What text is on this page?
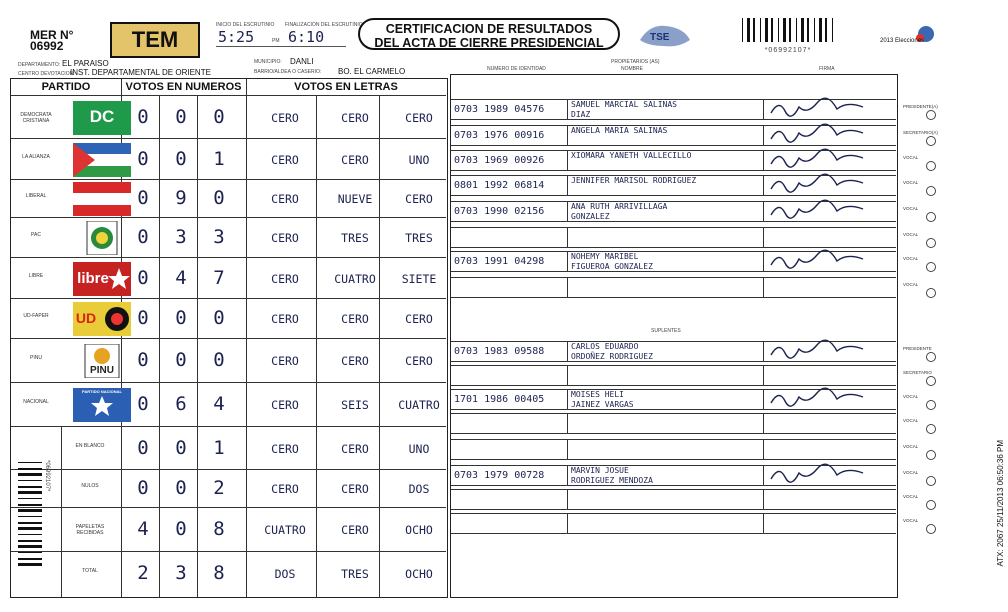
MER N°
06992	TEM
INICIO DEL ESCRUTINIO FINALIZACION DEL ESCRUTINIO
5:25	PM 6:10	CERTIFICACION DE RESULTADOS
DEL ACTA DE CIERRE PRESIDENCIAL	TSE
*06992107*
2013 Elecciones
DEPARTAMENTO: EL PARAISO	MUNICIPIO: DANLI
CENTRO DEVOTACION:
INST. DEPARTAMENTAL DE ORIENTE	BARRIO/ALDEA O CASERIO: BO. EL CARMELO
PARTIDO	VOTOS EN NUMEROS	VOTOS EN LETRAS
DEMOCRATA CRISTIANA	DC	0	0	0	CERO	CERO	CERO
LA ALIANZA	0	0	1	CERO	CERO	UNO
LIBERAL	0	9	0	CERO	NUEVE	CERO
PAC	0	3	3	CERO	TRES	TRES
LIBRE	libre	0	4	7	CERO	CUATRO	SIETE
UD-FAPER	UD	0	0	0	CERO	CERO	CERO
PINU
PINU	0	0	0	CERO	CERO	CERO
NACIONAL
PARTIDO NACIONAL
0	6	4	CERO	SEIS	CUATRO
EN BLANCO	0	0	1	CERO	CERO	UNO
NULOS	0	0	2	CERO	CERO	DOS
PAPELETAS RECIBIDAS	4	0	8	CUATRO	CERO	OCHO
TOTAL	2	3	8	DOS	TRES	OCHO
*06992107*
NUMERO DE IDENTIDAD
PROPIETARIOS (AS)
NOMBRE	FIRMA
SUPLENTES
0703 1989 04576	SAMUEL MARCIAL SALINAS
DIAZ
0703 1976 00916	ANGELA MARIA SALINAS
0703 1969 00926	XIOMARA YANETH VALLECILLO
0801 1992 06814	JENNIFER MARISOL RODRIGUEZ
0703 1990 02156	ANA RUTH ARRIVILLAGA
GONZALEZ
0703 1991 04298	NOHEMY MARIBEL
FIGUEROA GONZALEZ
0703 1983 09588	CARLOS EDUARDO
ORDOÑEZ RODRIGUEZ
1701 1986 00405	MOISES HELI
JAINEZ VARGAS
0703 1979 00728	MARVIN JOSUE
RODRIGUEZ MENDOZA
PRESIDENTE(A)
SECRETARIO(A)
VOCAL
VOCAL
VOCAL
VOCAL
VOCAL
VOCAL
PRESIDENTE
SECRETARIO
VOCAL
VOCAL
VOCAL
VOCAL
VOCAL
VOCAL	ATX: 2067 25/11/2013 06:50:36 PM
